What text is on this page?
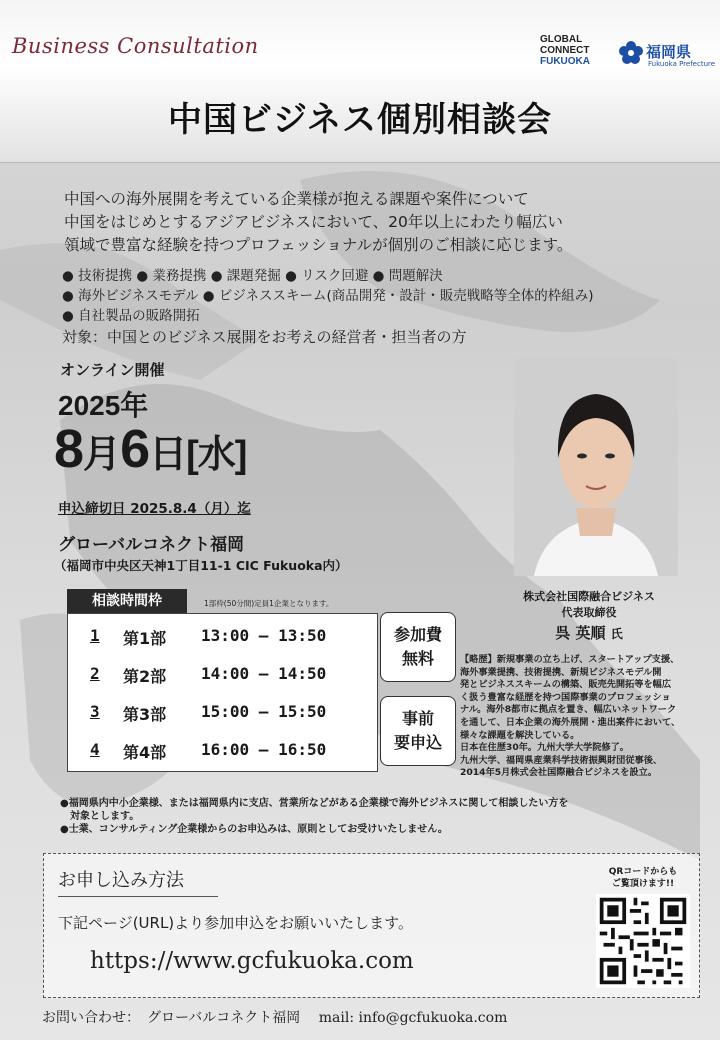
Business Consultation	GLOBAL
CONNECT
FUKUOKA
福岡県
Fukuoka Prefecture
中国ビジネス個別相談会
中国への海外展開を考えている企業様が抱える課題や案件について
中国をはじめとするアジアビジネスにおいて、20年以上にわたり幅広い
領域で豊富な経験を持つプロフェッショナルが個別のご相談に応じます。
● 技術提携 ● 業務提携 ● 課題発掘 ● リスク回避 ● 問題解決
● 海外ビジネスモデル ● ビジネススキーム(商品開発・設計・販売戦略等全体的枠組み)
● 自社製品の販路開拓
対象：中国とのビジネス展開をお考えの経営者・担当者の方
オンライン開催
2025年
8月6日[水]
申込締切日 2025.8.4（月）迄
グローバルコネクト福岡
（福岡市中央区天神1丁目11-1 CIC Fukuoka内）
相談時間枠	1部枠(50分間)定員1企業となります。
1 第1部 13:00 ― 13:50
2 第2部 14:00 ― 14:50
3 第3部 15:00 ― 15:50
4 第4部 16:00 ― 16:50
参加費
無料
事前
要申込
株式会社国際融合ビジネス
代表取締役
呉 英順 氏
【略歴】新規事業の立ち上げ、スタートアップ支援、
海外事業提携、技術提携、新規ビジネスモデル開
発とビジネススキームの構築、販売先開拓等を幅広
く扱う豊富な経歴を持つ国際事業のプロフェッショ
ナル。海外8都市に拠点を置き、幅広いネットワーク
を通して、日本企業の海外展開・進出案件において、
様々な課題を解決している。
日本在住歴30年。九州大学大学院修了。
九州大学、福岡県産業科学技術振興財団従事後、
2014年5月株式会社国際融合ビジネスを設立。
●福岡県内中小企業様、または福岡県内に支店、営業所などがある企業様で海外ビジネスに関して相談したい方を
　対象とします。
●士業、コンサルティング企業様からのお申込みは、原則としてお受けいたしません。
お申し込み方法
下記ページ(URL)より参加申込をお願いいたします。
https://www.gcfukuoka.com
QRコードからも
ご覧頂けます!!
お問い合わせ：　グローバルコネクト福岡　 mail: info@gcfukuoka.com
